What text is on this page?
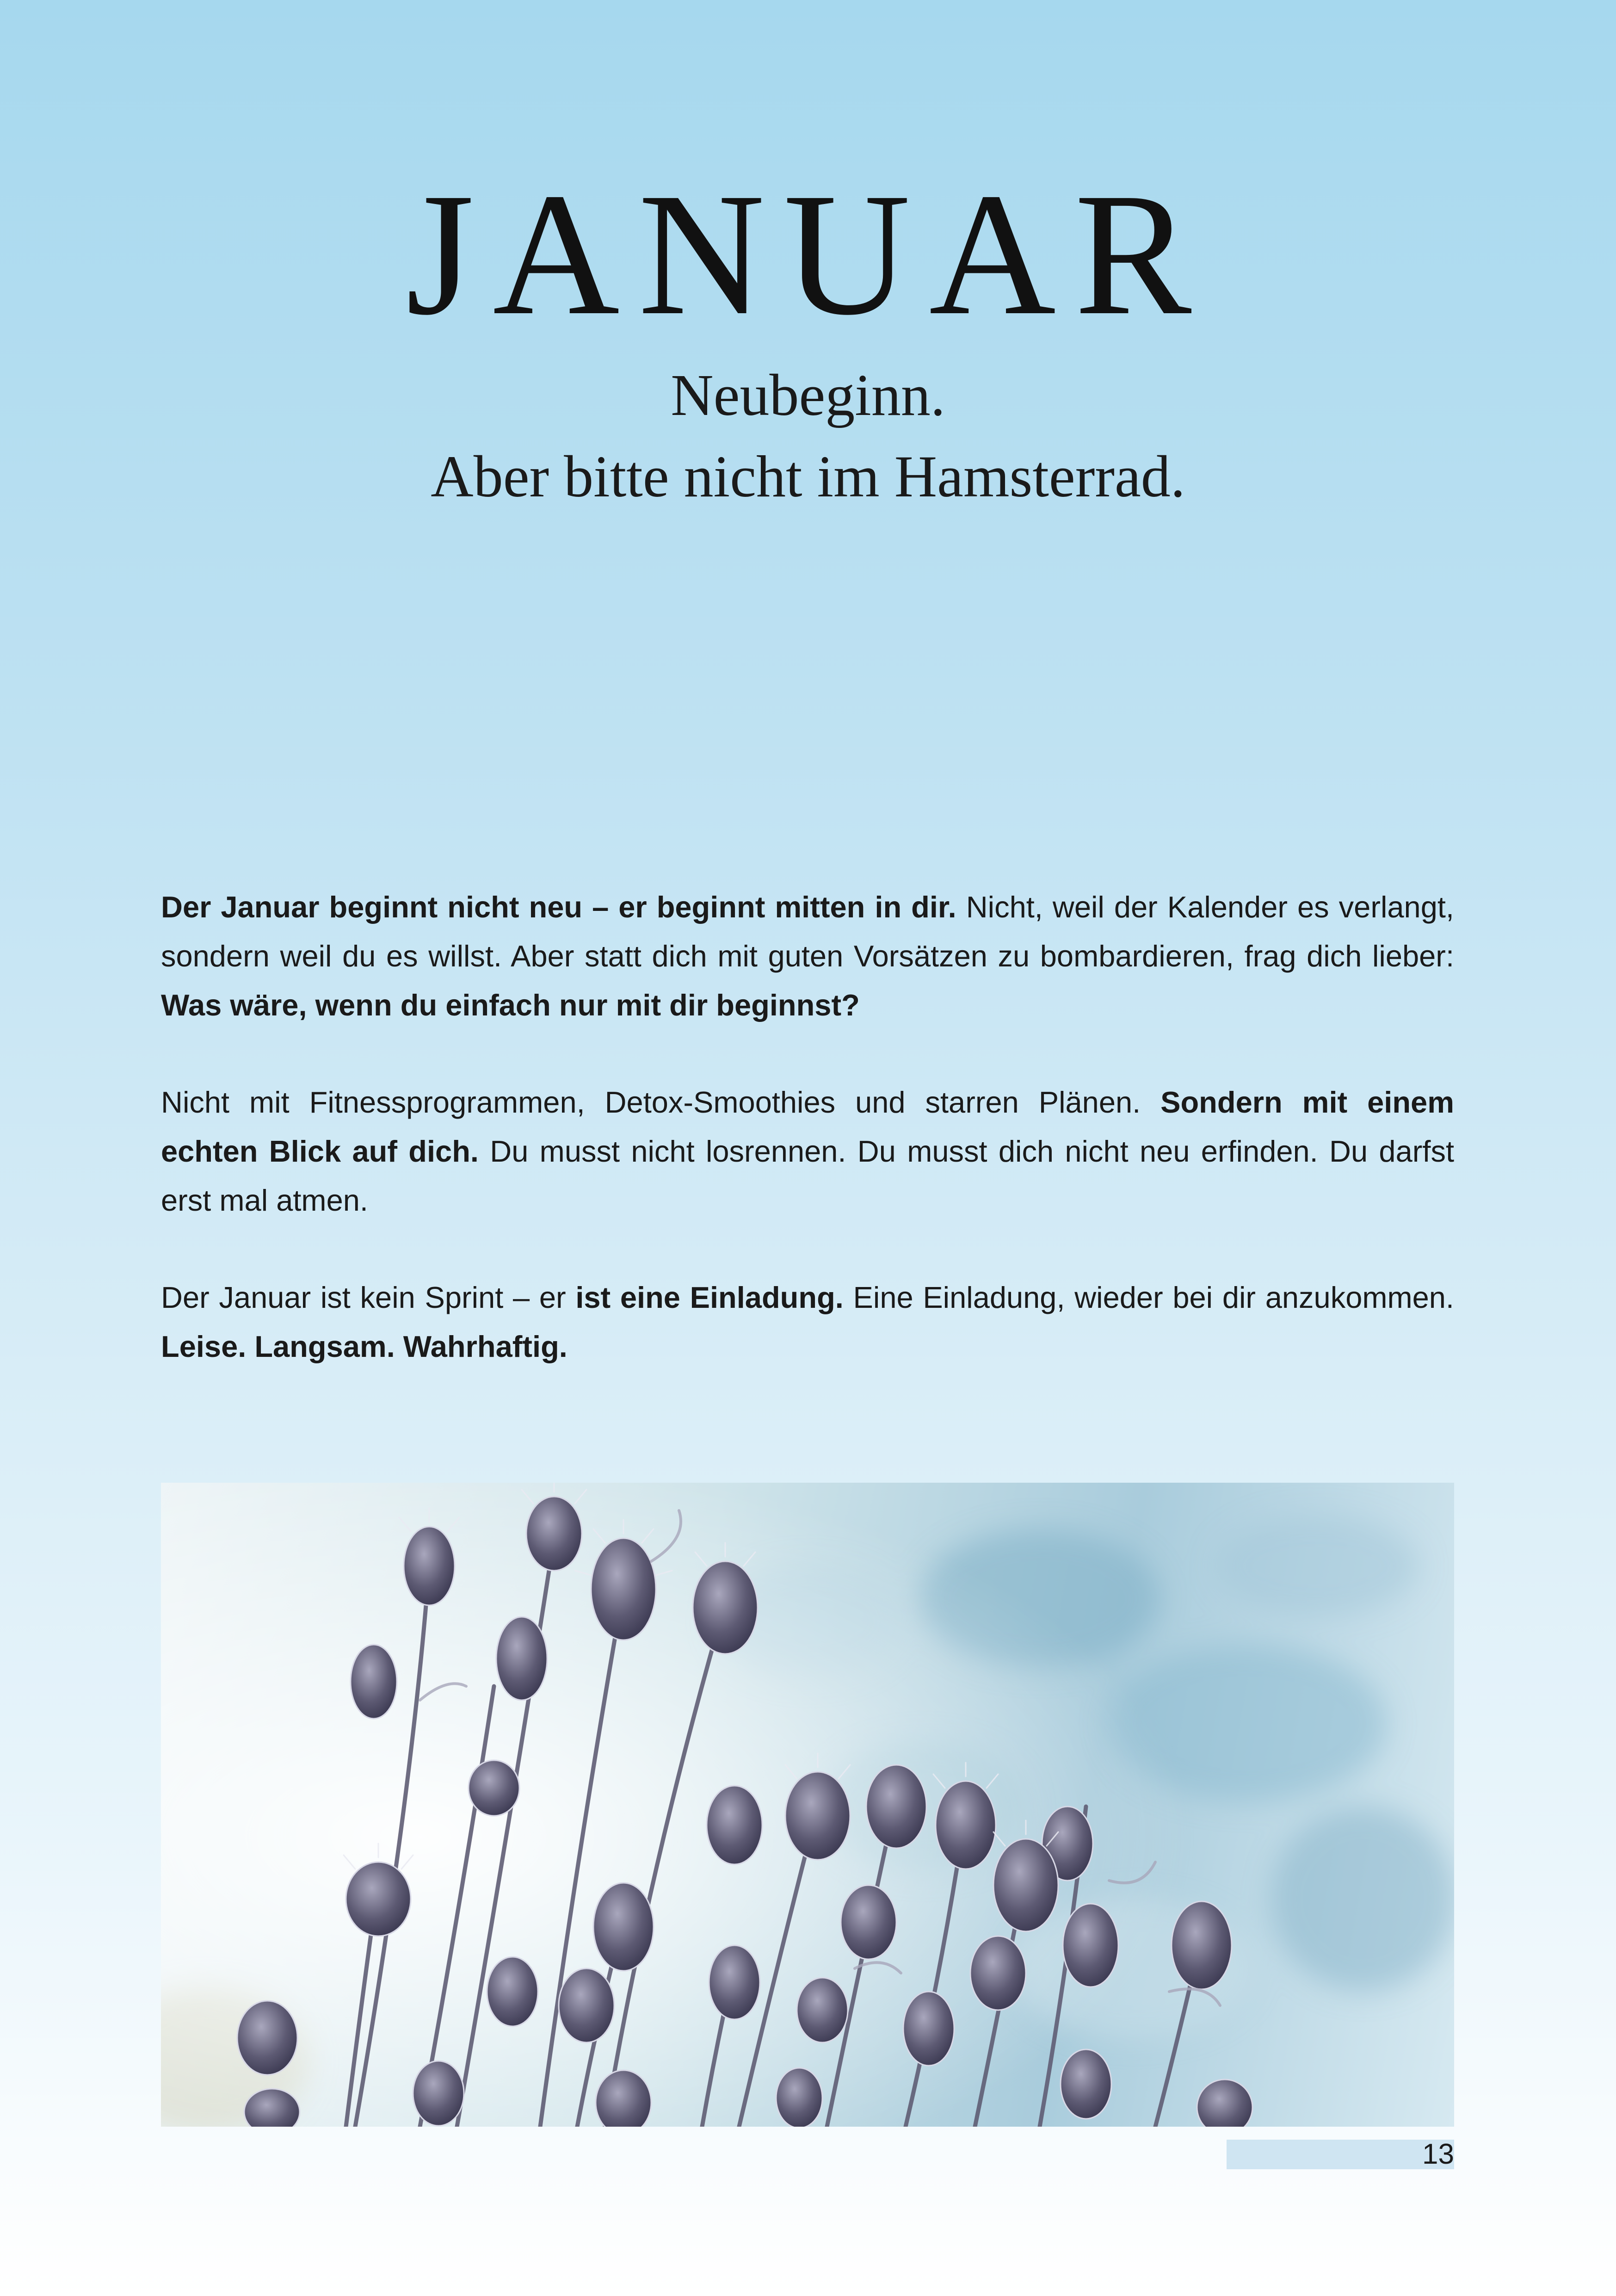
JANUAR
Neubeginn.
Aber bitte nicht im Hamsterrad.
Der Januar beginnt nicht neu – er beginnt mitten in dir. Nicht, weil der Kalender es verlangt, sondern weil du es willst. Aber statt dich mit guten Vorsätzen zu bombardieren, frag dich lieber: Was wäre, wenn du einfach nur mit dir beginnst?
Nicht mit Fitnessprogrammen, Detox-Smoothies und starren Plänen. Sondern mit einem echten Blick auf dich. Du musst nicht losrennen. Du musst dich nicht neu erfinden. Du darfst erst mal atmen.
Der Januar ist kein Sprint – er ist eine Einladung. Eine Einladung, wieder bei dir anzukommen. Leise. Langsam. Wahrhaftig.
13
